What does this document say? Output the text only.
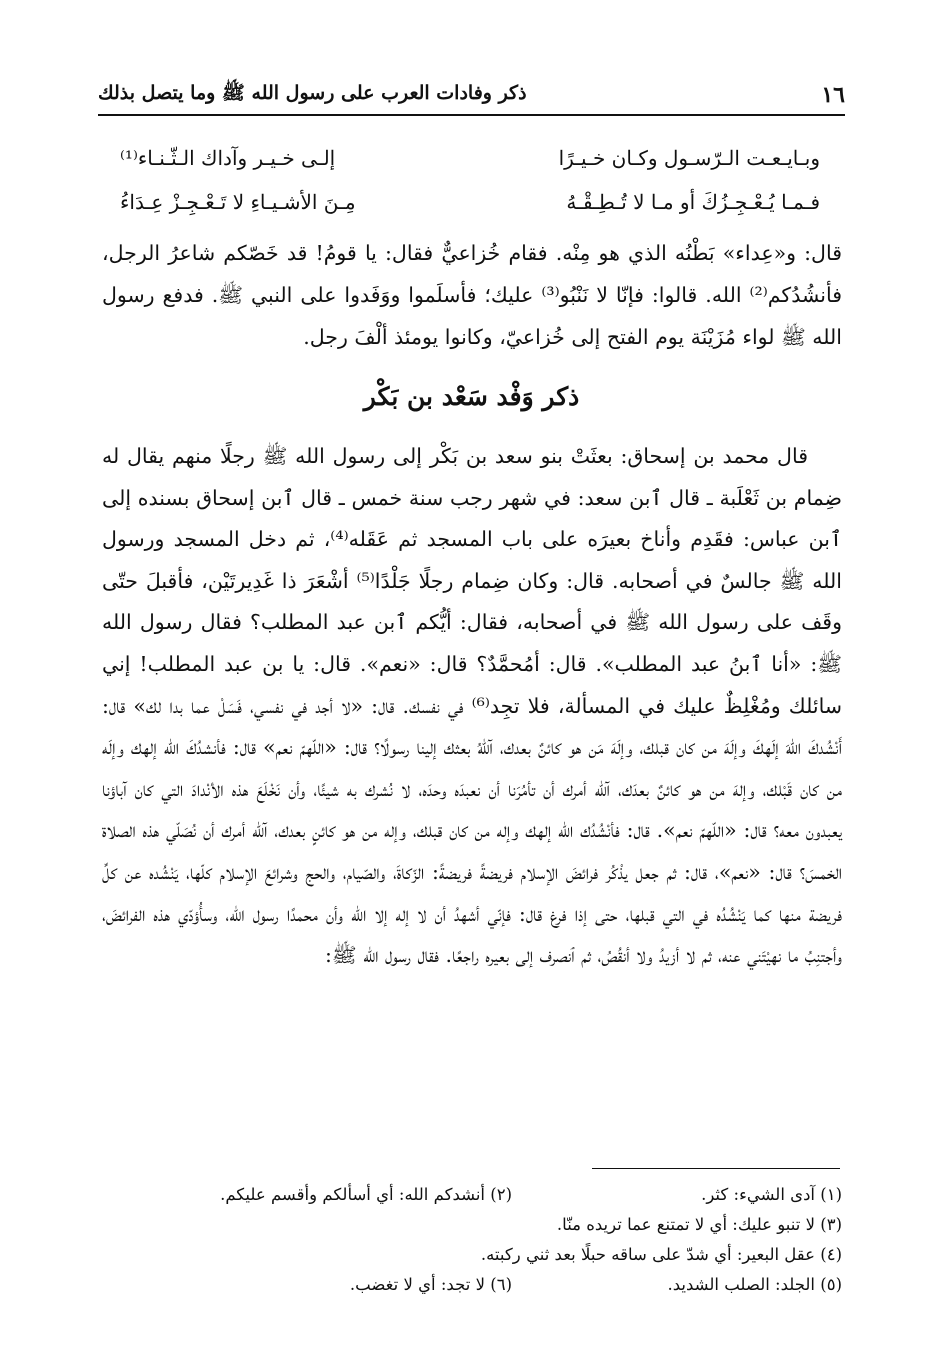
١٦
ذكر وفادات العرب على رسول الله ﷺ وما يتصل بذلك
وبـايـعـت الـرّسـول وكـان خـيـرًا
إلـى خـيـر وآداك الـثّـنـاء⁽¹⁾
فـمـا يُـعْـجِـزُكَ أو مـا لا تُـطِـقْـهُ
مِـنَ الأشـيـاءِ لا تَـعْـجِـزْ عِـدَاءُ
قال: و«عِداء» بَطْنُه الذي هو مِنْه. فقام خُزاعيٌّ فقال: يا قومُ! قد خَصّكم شاعرُ الرجل، فأنشُدُكم⁽²⁾ الله. قالوا: فإنّا لا نَنْبُو⁽³⁾ عليك؛ فأسلَموا ووَفَدوا على النبي ﷺ. فدفع رسول الله ﷺ لواء مُزَيْنَة يوم الفتح إلى خُزاعيّ، وكانوا يومئذ ألْفَ رجل.
ذكر وَفْد سَعْد بن بَكْر
قال محمد بن إسحاق: بعثَتْ بنو سعد بن بَكْر إلى رسول الله ﷺ رجلًا منهم يقال له ضِمام بن ثَعْلَبة ـ قال ٱبن سعد: في شهر رجب سنة خمس ـ قال ٱبن إسحاق بسنده إلى ٱبن عباس: فقَدِم وأناخ بعيرَه على باب المسجد ثم عَقَله⁽⁴⁾، ثم دخل المسجد ورسول الله ﷺ جالسٌ في أصحابه. قال: وكان ضِمام رجلًا جَلْدًا⁽⁵⁾ أشْعَرَ ذا غَدِيرتَيْن، فأقبلَ حتّى وقَف على رسول الله ﷺ في أصحابه، فقال: أيُّكم ٱبن عبد المطلب؟ فقال رسول الله ﷺ: «أنا ٱبنُ عبد المطلب». قال: أمُحمَّدٌ؟ قال: «نعم». قال: يا بن عبد المطلب! إني سائلك ومُغْلِظٌ عليك في المسألة، فلا تجِد⁽⁶⁾ في نفسك. قال: «لا أجد في نفسي، فَسَلْ عما بدا لك» قال: أَنْشُدكَ اللّهَ إلَهكَ وإلَهَ من كان قبلك، وإلَهَ مَن هو كائنٌ بعدك، آللّهُ بعثك إلينا رسولًا؟ قال: «اللّهمّ نعم» قال: فأنشدُكَ الله إلهك وإلَه من كان قَبْلك، وإلهَ من هو كائنٌ بعدَك، آلله أمرك أن تأمُرَنا أن نعبدَه وحدَه، لا نُشرك به شيئًا، وأن نَخْلَعَ هذه الأنْدادَ التي كان آباؤنا يعبدون معه؟ قال: «اللّهمّ نعم». قال: فأنْشُدُك الله إلهك وإله من كان قبلك، وإله من هو كائنٍ بعدك، آلله أمرك أن نُصَلّي هذه الصلاة الخمسَ؟ قال: «نعم»، قال: ثم جعل يذْكُر فرائضَ الإسلام فريضةً فريضةً: الزّكاةَ، والصّيام، والحج وشرائعَ الإسلام كلّها، يَنْشُده عن كلِّ فريضة منها كما يَنْشُدُه في التي قبلها، حتى إذا فرغ قال: فإنّي أشهدُ أن لا إله إلا الله وأن محمدًا رسول الله، وسأُؤدّي هذه الفرائضَ، وأجتنِبُ ما نهيْتَني عنه، ثم لا أزيدُ ولا أنقُصُ، ثم ٱنصرف إلى بعيره راجعًا. فقال رسول الله ﷺ:
(١) آدى الشيء: كثر.
(٢) أنشدكم الله: أي أسألكم وأقسم عليكم.
(٣) لا تنبو عليك: أي لا تمتنع عما تريده منّا.
(٤) عقل البعير: أي شدّ على ساقه حبلًا بعد ثني ركبته.
(٥) الجلد: الصلب الشديد.
(٦) لا تجد: أي لا تغضب.
